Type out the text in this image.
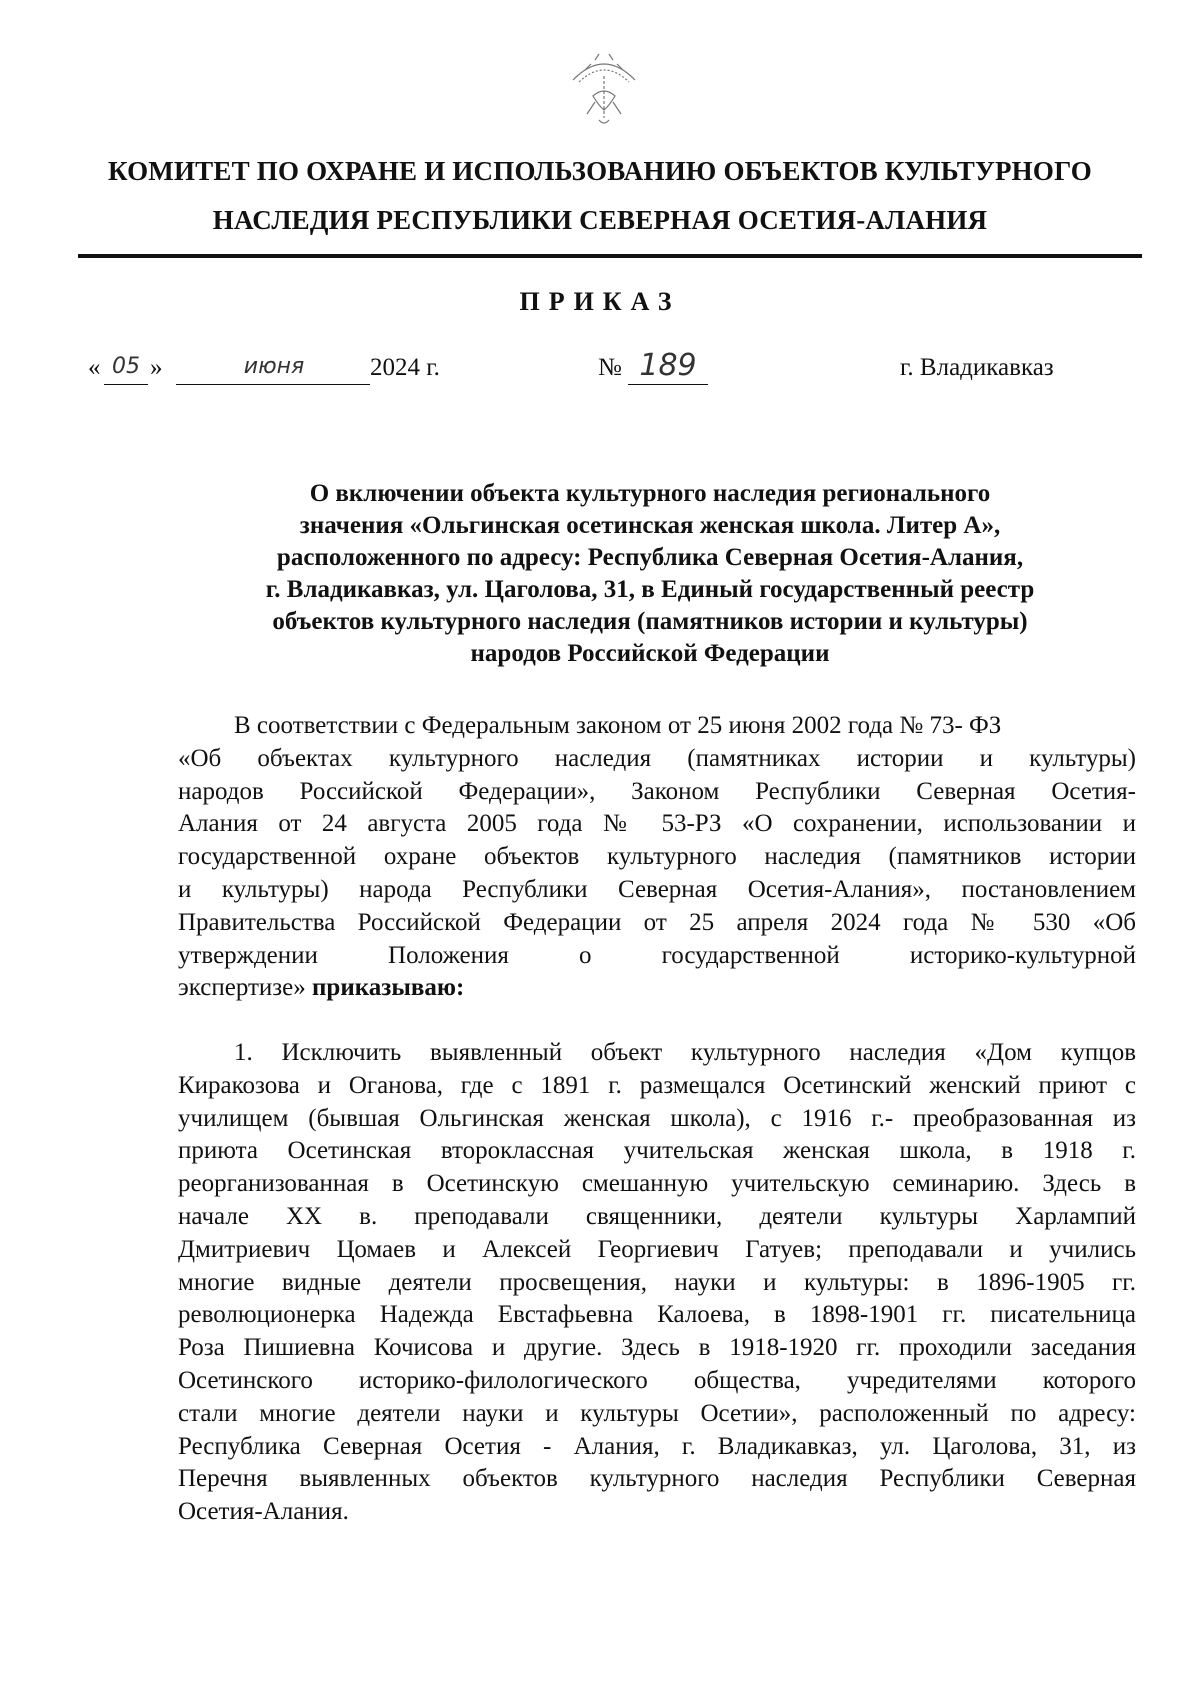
КОМИТЕТ ПО ОХРАНЕ И ИСПОЛЬЗОВАНИЮ ОБЪЕКТОВ КУЛЬТУРНОГО
НАСЛЕДИЯ РЕСПУБЛИКИ СЕВЕРНАЯ ОСЕТИЯ-АЛАНИЯ
ПРИКАЗ
« 05 »	июня	2024 г.	№ 189	г. Владикавказ
О включении объекта культурного наследия регионального
значения «Ольгинская осетинская женская школа. Литер А»,
расположенного по адресу: Республика Северная Осетия-Алания,
г. Владикавказ, ул. Цаголова, 31, в Единый государственный реестр
объектов культурного наследия (памятников истории и культуры)
народов Российской Федерации
В соответствии с Федеральным законом от 25 июня 2002 года № 73- ФЗ
«Об объектах культурного наследия (памятниках истории и культуры)
народов Российской Федерации», Законом Республики Северная Осетия-
Алания от 24 августа 2005 года № 53-РЗ «О сохранении, использовании и
государственной охране объектов культурного наследия (памятников истории
и культуры) народа Республики Северная Осетия-Алания», постановлением
Правительства Российской Федерации от 25 апреля 2024 года № 530 «Об
утверждении Положения о государственной историко-культурной
экспертизе» приказываю:
1. Исключить выявленный объект культурного наследия «Дом купцов
Киракозова и Оганова, где с 1891 г. размещался Осетинский женский приют с
училищем (бывшая Ольгинская женская школа), с 1916 г.- преобразованная из
приюта Осетинская второклассная учительская женская школа, в 1918 г.
реорганизованная в Осетинскую смешанную учительскую семинарию. Здесь в
начале XX в. преподавали священники, деятели культуры Харлампий
Дмитриевич Цомаев и Алексей Георгиевич Гатуев; преподавали и учились
многие видные деятели просвещения, науки и культуры: в 1896-1905 гг.
революционерка Надежда Евстафьевна Калоева, в 1898-1901 гг. писательница
Роза Пишиевна Кочисова и другие. Здесь в 1918-1920 гг. проходили заседания
Осетинского историко-филологического общества, учредителями которого
стали многие деятели науки и культуры Осетии», расположенный по адресу:
Республика Северная Осетия - Алания, г. Владикавказ, ул. Цаголова, 31, из
Перечня выявленных объектов культурного наследия Республики Северная
Осетия-Алания.
